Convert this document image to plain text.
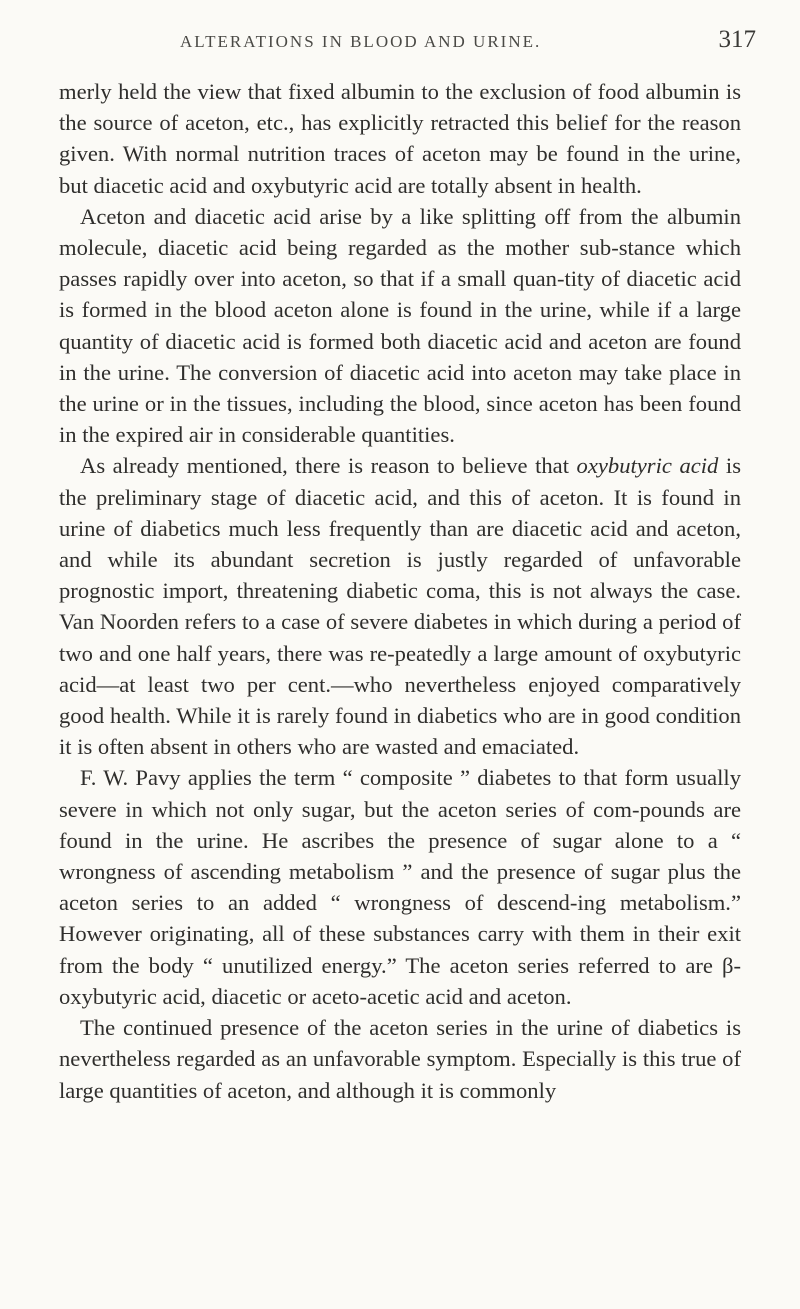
ALTERATIONS IN BLOOD AND URINE.	317

merly held the view that fixed albumin to the exclusion of food albumin is the source of aceton, etc., has explicitly retracted this belief for the reason given. With normal nutrition traces of aceton may be found in the urine, but diacetic acid and oxybutyric acid are totally absent in health.

Aceton and diacetic acid arise by a like splitting off from the albumin molecule, diacetic acid being regarded as the mother sub-stance which passes rapidly over into aceton, so that if a small quan-tity of diacetic acid is formed in the blood aceton alone is found in the urine, while if a large quantity of diacetic acid is formed both diacetic acid and aceton are found in the urine. The conversion of diacetic acid into aceton may take place in the urine or in the tissues, including the blood, since aceton has been found in the expired air in considerable quantities.

As already mentioned, there is reason to believe that oxybutyric acid is the preliminary stage of diacetic acid, and this of aceton. It is found in urine of diabetics much less frequently than are diacetic acid and aceton, and while its abundant secretion is justly regarded of unfavorable prognostic import, threatening diabetic coma, this is not always the case. Van Noorden refers to a case of severe diabetes in which during a period of two and one half years, there was re-peatedly a large amount of oxybutyric acid—at least two per cent.—who nevertheless enjoyed comparatively good health. While it is rarely found in diabetics who are in good condition it is often absent in others who are wasted and emaciated.

F. W. Pavy applies the term “ composite ” diabetes to that form usually severe in which not only sugar, but the aceton series of com-pounds are found in the urine. He ascribes the presence of sugar alone to a “ wrongness of ascending metabolism ” and the presence of sugar plus the aceton series to an added “ wrongness of descend-ing metabolism.” However originating, all of these substances carry with them in their exit from the body “ unutilized energy.” The aceton series referred to are β-oxybutyric acid, diacetic or aceto-acetic acid and aceton.

The continued presence of the aceton series in the urine of diabetics is nevertheless regarded as an unfavorable symptom. Especially is this true of large quantities of aceton, and although it is commonly
